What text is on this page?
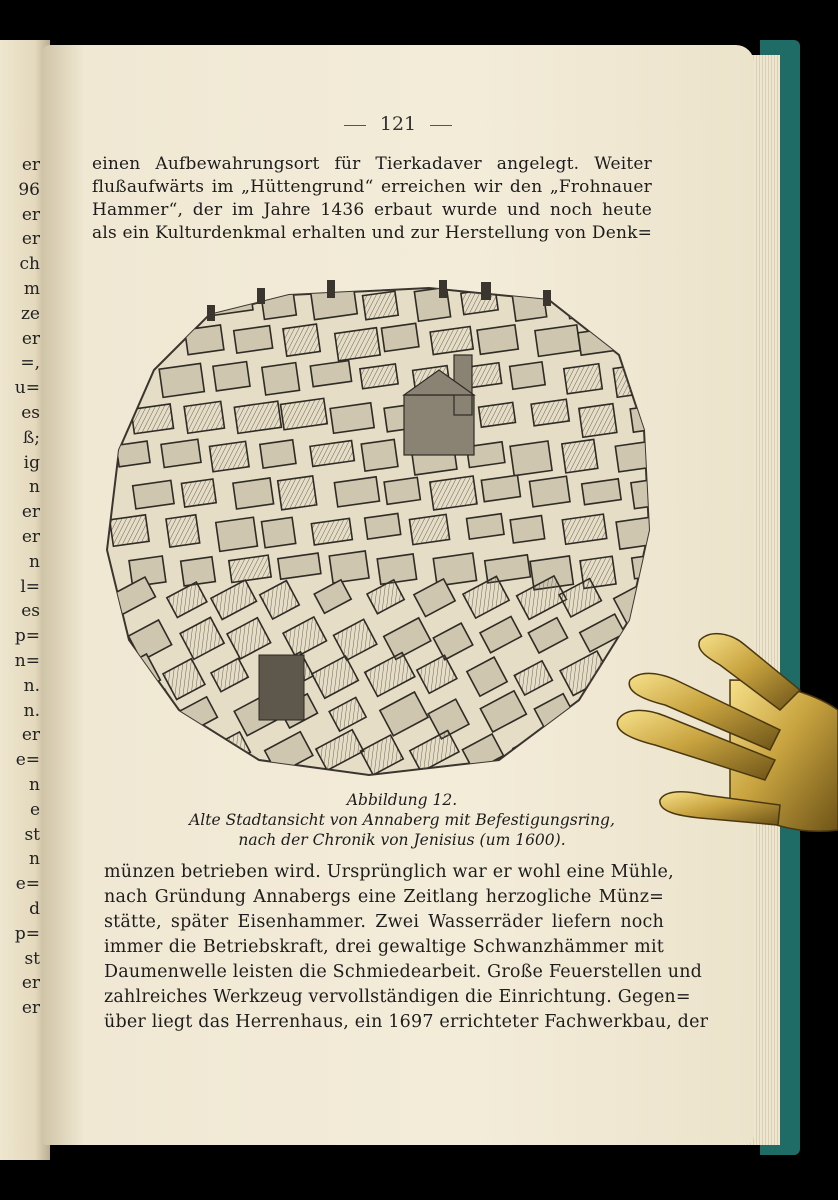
er
96
er
er
ch
m
ze
er
=,
u=
es
ß;
ig
n
er
er
n
l=
es
p=
n=
n.
n.
er
e=
n
e
st
n
e=
d
p=
st
er
er
121
einen Aufbewahrungsort für Tierkadaver angelegt. Weiter
flußaufwärts im „Hüttengrund“ erreichen wir den „Frohnauer
Hammer“, der im Jahre 1436 erbaut wurde und noch heute
als ein Kulturdenkmal erhalten und zur Herstellung von Denk=
Abbildung 12.
Alte Stadtansicht von Annaberg mit Befestigungsring,
nach der Chronik von Jenisius (um 1600).
münzen betrieben wird. Ursprünglich war er wohl eine Mühle,
nach Gründung Annabergs eine Zeitlang herzogliche Münz=
stätte, später Eisenhammer. Zwei Wasserräder liefern noch
immer die Betriebskraft, drei gewaltige Schwanzhämmer mit
Daumenwelle leisten die Schmiedearbeit. Große Feuerstellen und
zahlreiches Werkzeug vervollständigen die Einrichtung. Gegen=
über liegt das Herrenhaus, ein 1697 errichteter Fachwerkbau, der
